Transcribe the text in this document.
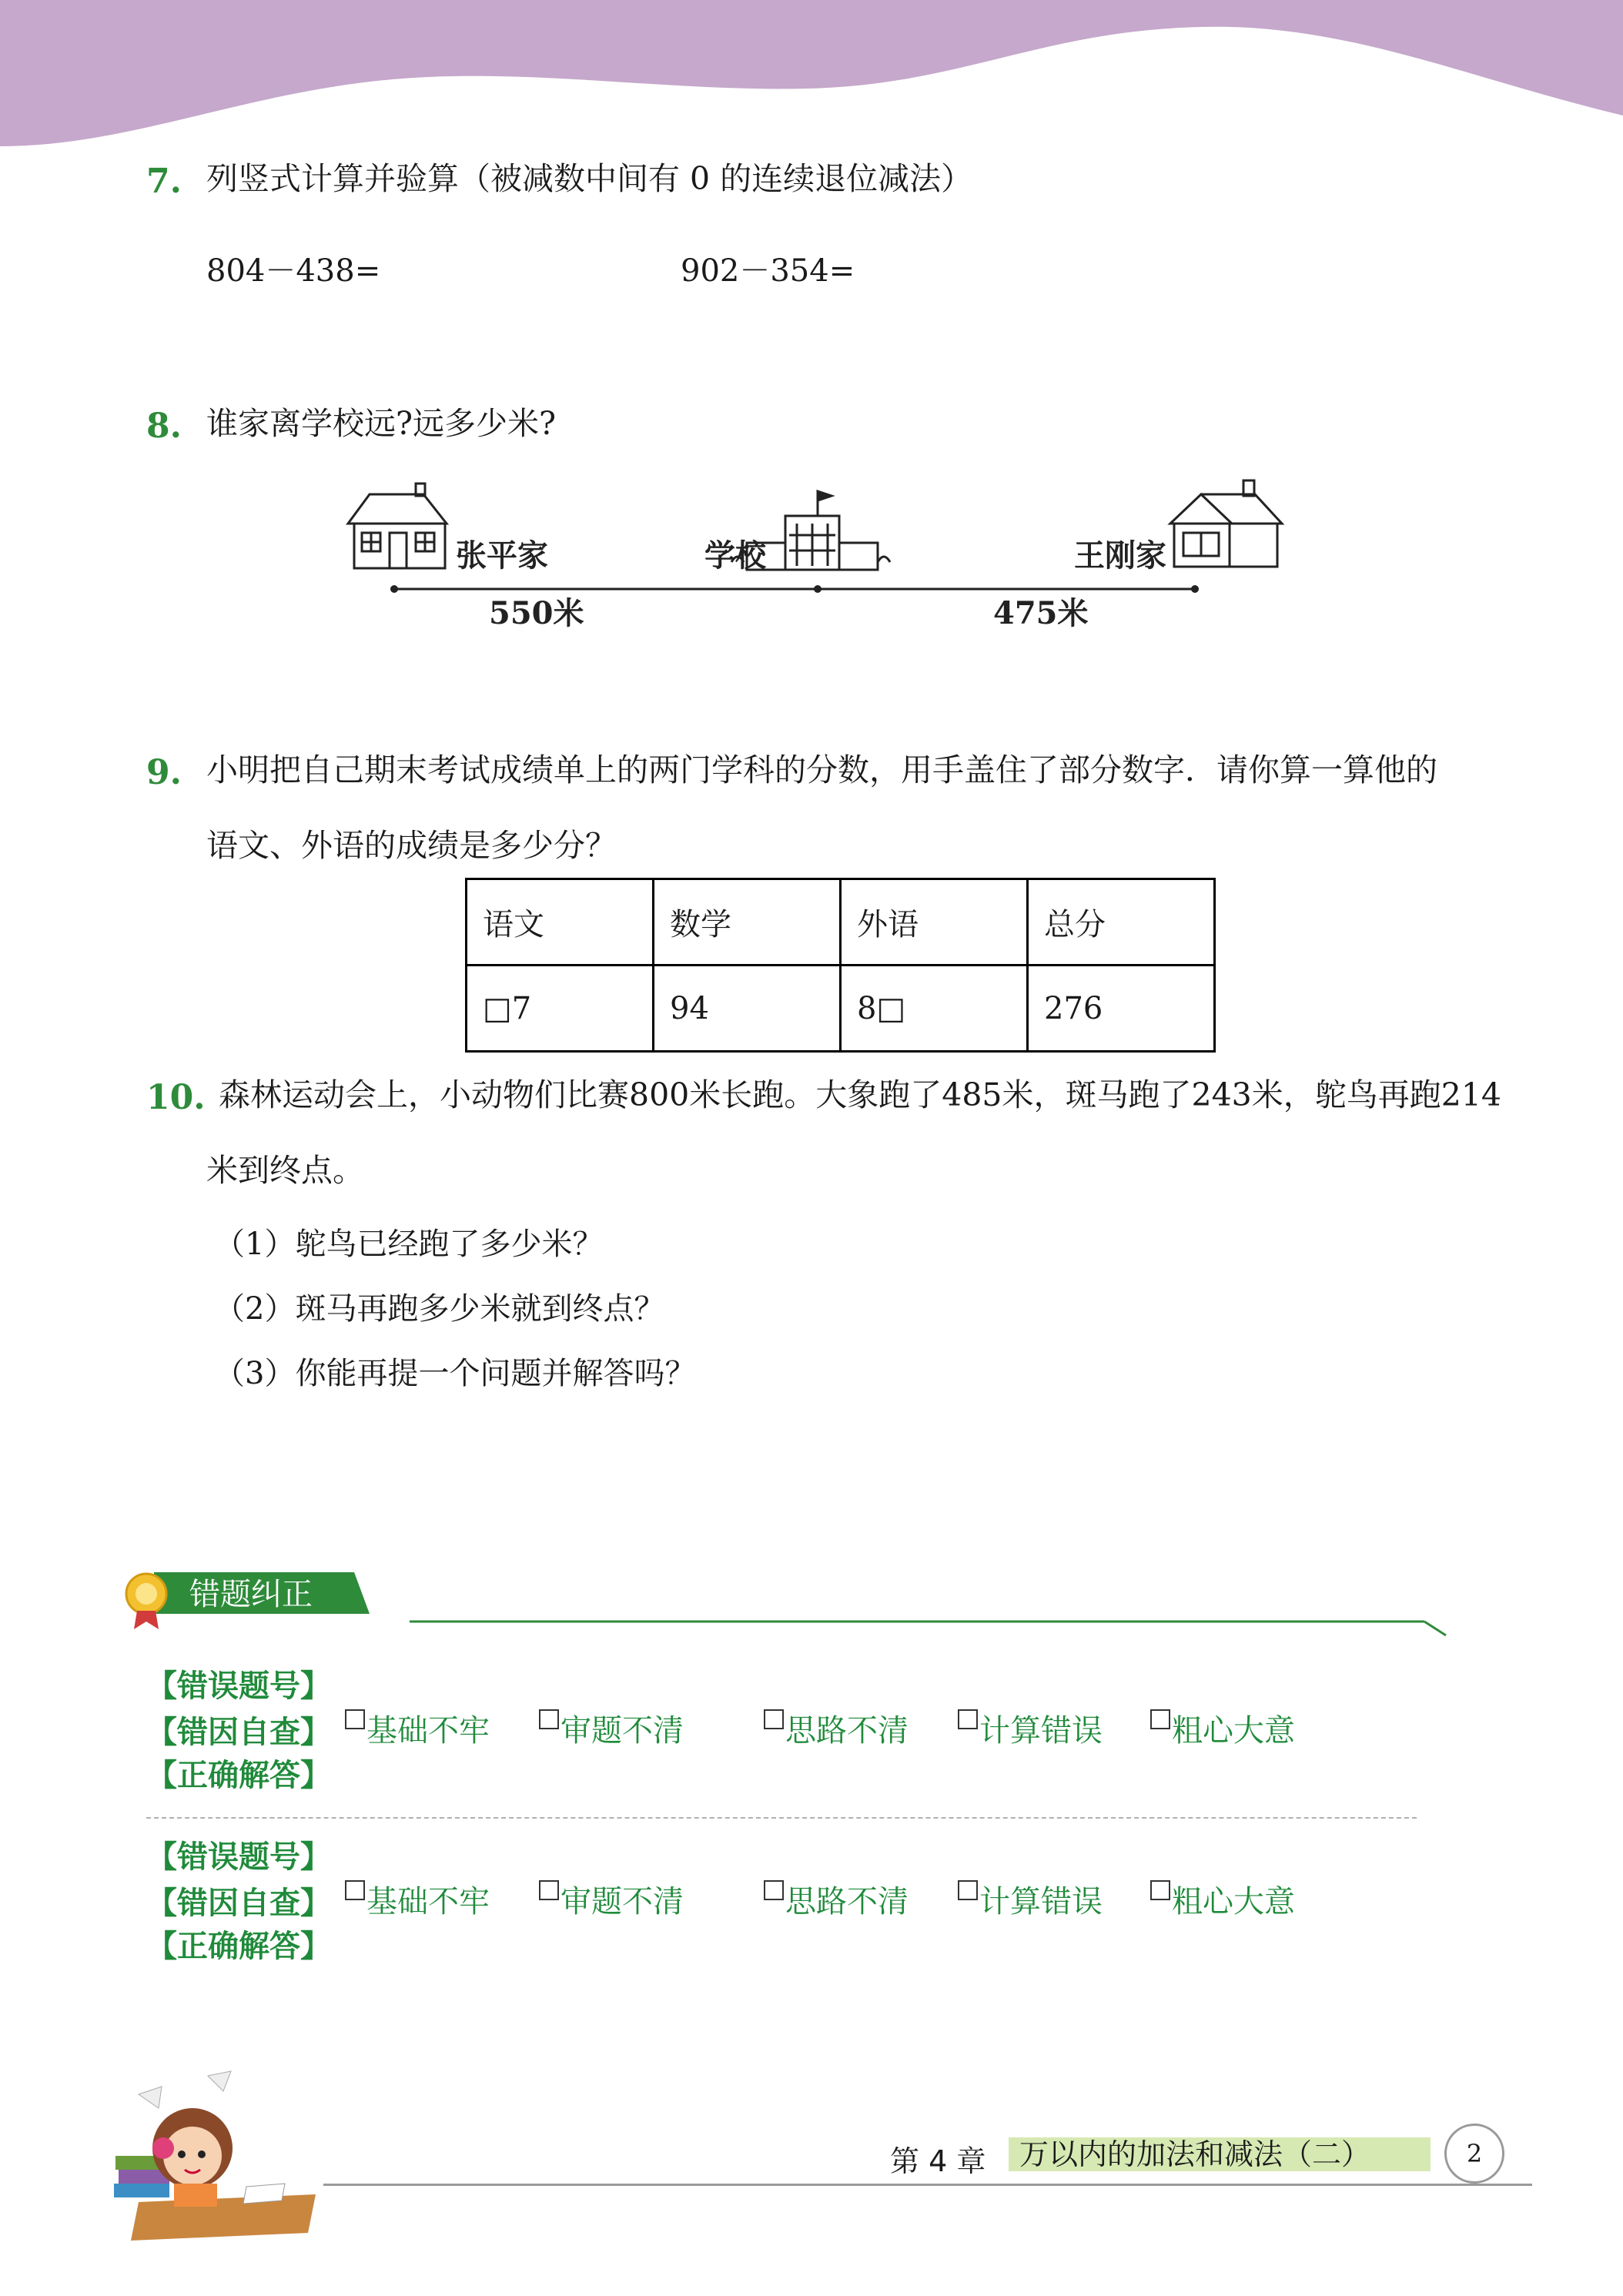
7. 列竖式计算并验算（被减数中间有 0 的连续退位减法）
804－438=	902－354=
8. 谁家离学校远?远多少米?
张平家	学校	王刚家
550米	475米
9. 小明把自己期末考试成绩单上的两门学科的分数，用手盖住了部分数字．请你算一算他的
语文、外语的成绩是多少分？
语文	数学	外语	总分
□7	94	8□	276
10. 森林运动会上，小动物们比赛800米长跑。大象跑了485米，斑马跑了243米，鸵鸟再跑214
米到终点。
（1）鸵鸟已经跑了多少米？
（2）斑马再跑多少米就到终点？
（3）你能再提一个问题并解答吗？
错题纠正
【错误题号】
【错因自查】	基础不牢	审题不清	思路不清	计算错误	粗心大意
【正确解答】
【错误题号】
【错因自查】	基础不牢	审题不清	思路不清	计算错误	粗心大意
【正确解答】
第 4 章	万以内的加法和减法（二）	2
